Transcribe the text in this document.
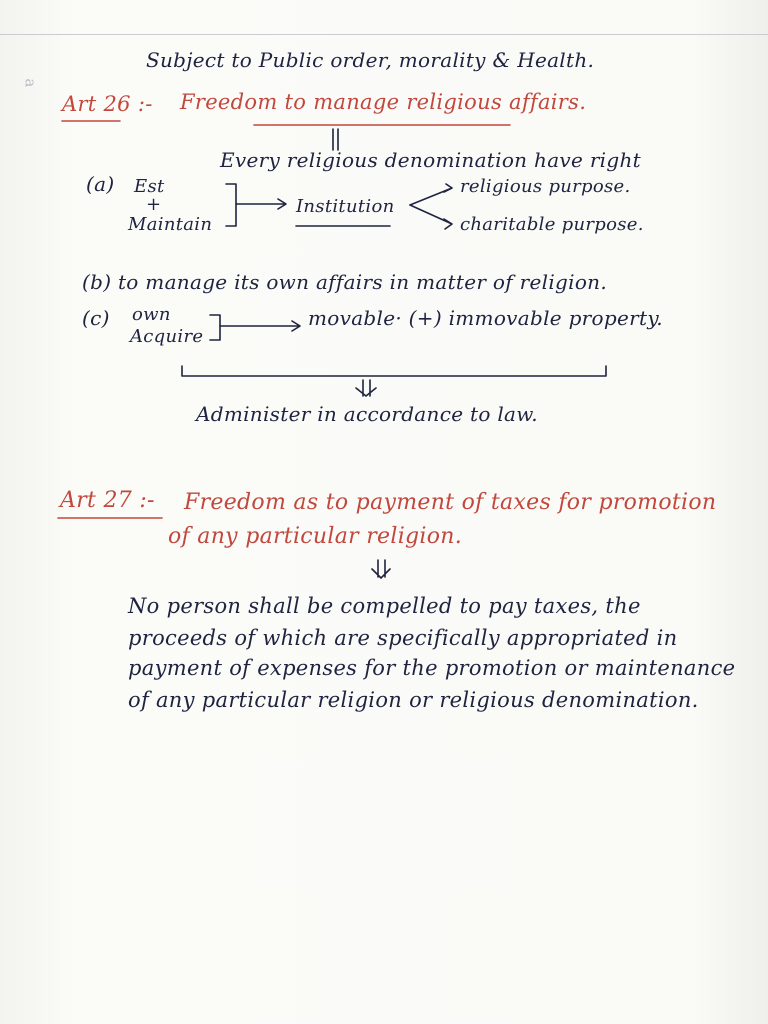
a
Subject to Public order, morality & Health.
Art 26 :- Freedom to manage religious affairs.
Every religious denomination have right
(a) Est
+
Maintain
Institution
religious purpose.
charitable purpose.
(b) to manage its own affairs in matter of religion.
(c) own
Acquire
movable· (+) immovable property.
Administer in accordance to law.
Art 27 :- Freedom as to payment of taxes for promotion
of any particular religion.
No person shall be compelled to pay taxes, the
proceeds of which are specifically appropriated in
payment of expenses for the promotion or maintenance
of any particular religion or religious denomination.
